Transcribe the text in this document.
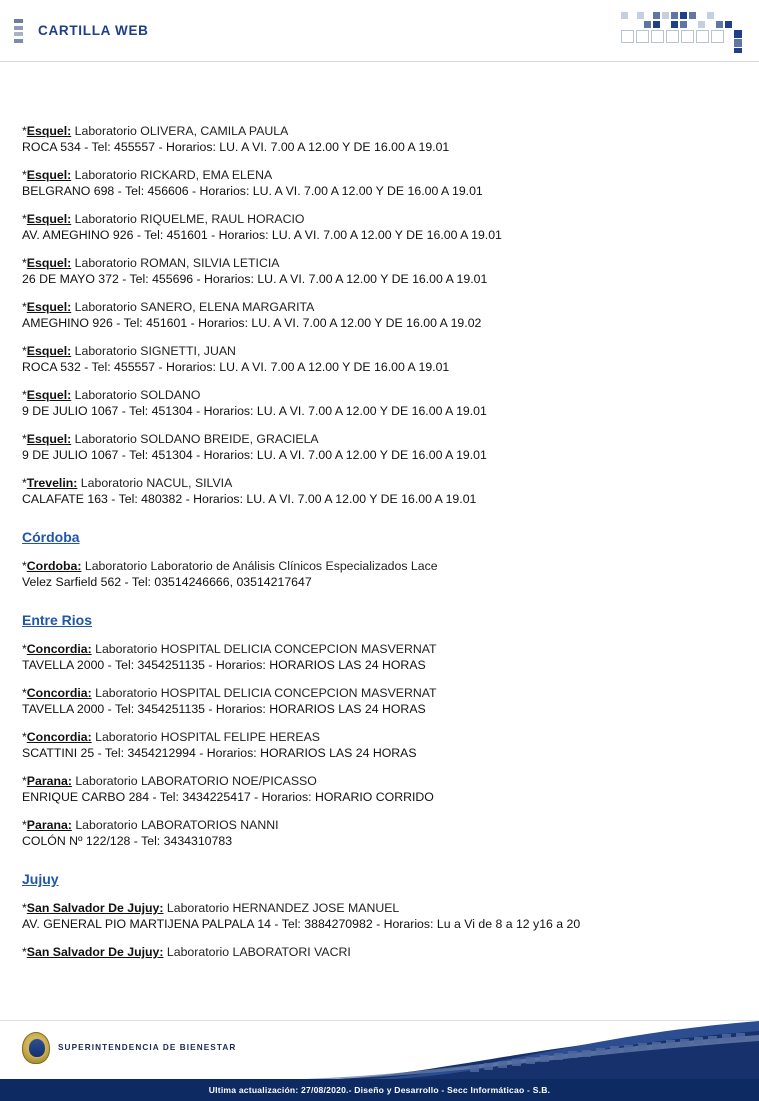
CARTILLA WEB
*Esquel: Laboratorio OLIVERA, CAMILA PAULA
ROCA 534 - Tel: 455557 - Horarios: LU. A VI. 7.00 A 12.00 Y DE 16.00 A 19.01
*Esquel: Laboratorio RICKARD, EMA ELENA
BELGRANO 698 - Tel: 456606 - Horarios: LU. A VI. 7.00 A 12.00 Y DE 16.00 A 19.01
*Esquel: Laboratorio RIQUELME, RAUL HORACIO
AV. AMEGHINO 926 - Tel: 451601 - Horarios: LU. A VI. 7.00 A 12.00 Y DE 16.00 A 19.01
*Esquel: Laboratorio ROMAN, SILVIA LETICIA
26 DE MAYO 372 - Tel: 455696 - Horarios: LU. A VI. 7.00 A 12.00 Y DE 16.00 A 19.01
*Esquel: Laboratorio SANERO, ELENA MARGARITA
AMEGHINO 926 - Tel: 451601 - Horarios: LU. A VI. 7.00 A 12.00 Y DE 16.00 A 19.02
*Esquel: Laboratorio SIGNETTI, JUAN
ROCA 532 - Tel: 455557 - Horarios: LU. A VI. 7.00 A 12.00 Y DE 16.00 A 19.01
*Esquel: Laboratorio SOLDANO
9 DE JULIO 1067 - Tel: 451304 - Horarios: LU. A VI. 7.00 A 12.00 Y DE 16.00 A 19.01
*Esquel: Laboratorio SOLDANO BREIDE, GRACIELA
9 DE JULIO 1067 - Tel: 451304 - Horarios: LU. A VI. 7.00 A 12.00 Y DE 16.00 A 19.01
*Trevelin: Laboratorio NACUL, SILVIA
CALAFATE 163 - Tel: 480382 - Horarios: LU. A VI. 7.00 A 12.00 Y DE 16.00 A 19.01
Córdoba
*Cordoba: Laboratorio Laboratorio de Análisis Clínicos Especializados Lace
Velez Sarfield 562 - Tel: 03514246666, 03514217647
Entre Rios
*Concordia: Laboratorio HOSPITAL DELICIA CONCEPCION MASVERNAT
TAVELLA 2000 - Tel: 3454251135 - Horarios: HORARIOS LAS 24 HORAS
*Concordia: Laboratorio HOSPITAL DELICIA CONCEPCION MASVERNAT
TAVELLA 2000 - Tel: 3454251135 - Horarios: HORARIOS LAS 24 HORAS
*Concordia: Laboratorio HOSPITAL FELIPE HEREAS
SCATTINI 25 - Tel: 3454212994 - Horarios: HORARIOS LAS 24 HORAS
*Parana: Laboratorio LABORATORIO NOE/PICASSO
ENRIQUE CARBO 284 - Tel: 3434225417 - Horarios: HORARIO CORRIDO
*Parana: Laboratorio LABORATORIOS NANNI
COLÓN Nº 122/128 - Tel: 3434310783
Jujuy
*San Salvador De Jujuy: Laboratorio HERNANDEZ JOSE MANUEL
AV. GENERAL PIO MARTIJENA PALPALA 14 - Tel: 3884270982 - Horarios: Lu a Vi de 8 a 12 y16 a 20
*San Salvador De Jujuy: Laboratorio LABORATORI VACRI
SUPERINTENDENCIA DE BIENESTAR
Ultima actualización: 27/08/2020.- Diseño y Desarrollo - Secc Informáticao - S.B.
